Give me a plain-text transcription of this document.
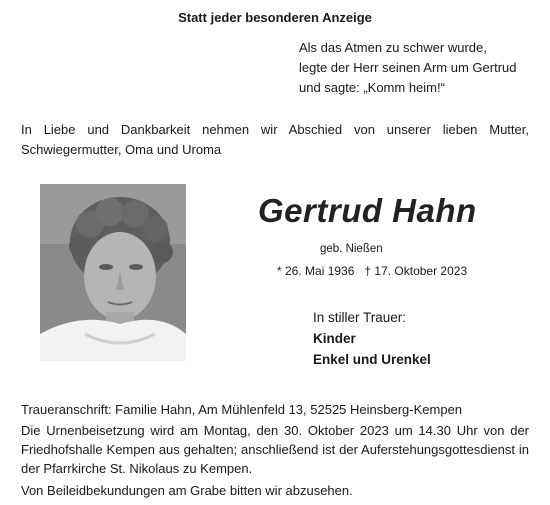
Statt jeder besonderen Anzeige
Als das Atmen zu schwer wurde,
legte der Herr seinen Arm um Gertrud
und sagte: „Komm heim!“
In Liebe und Dankbarkeit nehmen wir Abschied von unserer lieben Mutter, Schwiegermutter, Oma und Uroma
Gertrud Hahn
geb. Nießen
* 26. Mai 1936 † 17. Oktober 2023
In stiller Trauer:
Kinder
Enkel und Urenkel

Traueranschrift: Familie Hahn, Am Mühlenfeld 13, 52525 Heinsberg-Kempen

Die Urnenbeisetzung wird am Montag, den 30. Oktober 2023 um 14.30 Uhr von der Friedhofshalle Kempen aus gehalten; anschließend ist der Auferstehungsgottesdienst in der Pfarrkirche St. Nikolaus zu Kempen.

Von Beileidbekundungen am Grabe bitten wir abzusehen.
